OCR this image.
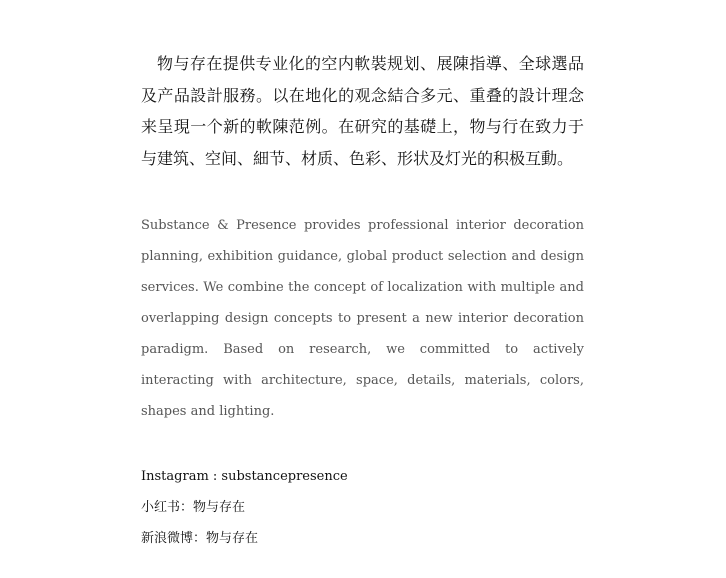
物与存在提供专业化的空内軟裝规划、展陳指導、全球選品及产品設計服務。以在地化的观念結合多元、重叠的設计理念来呈現一个新的軟陳范例。在研究的基礎上，物与行在致力于与建筑、空间、細节、材质、色彩、形状及灯光的积极互動。

Substance & Presence provides professional interior decoration planning, exhibition guidance, global product selection and design services. We combine the concept of localization with multiple and overlapping design concepts to present a new interior decoration paradigm. Based on research, we committed to actively interacting with architecture, space, details, materials, colors, shapes and lighting.

Instagram : substancepresence
小红书：物与存在
新浪微博：物与存在
